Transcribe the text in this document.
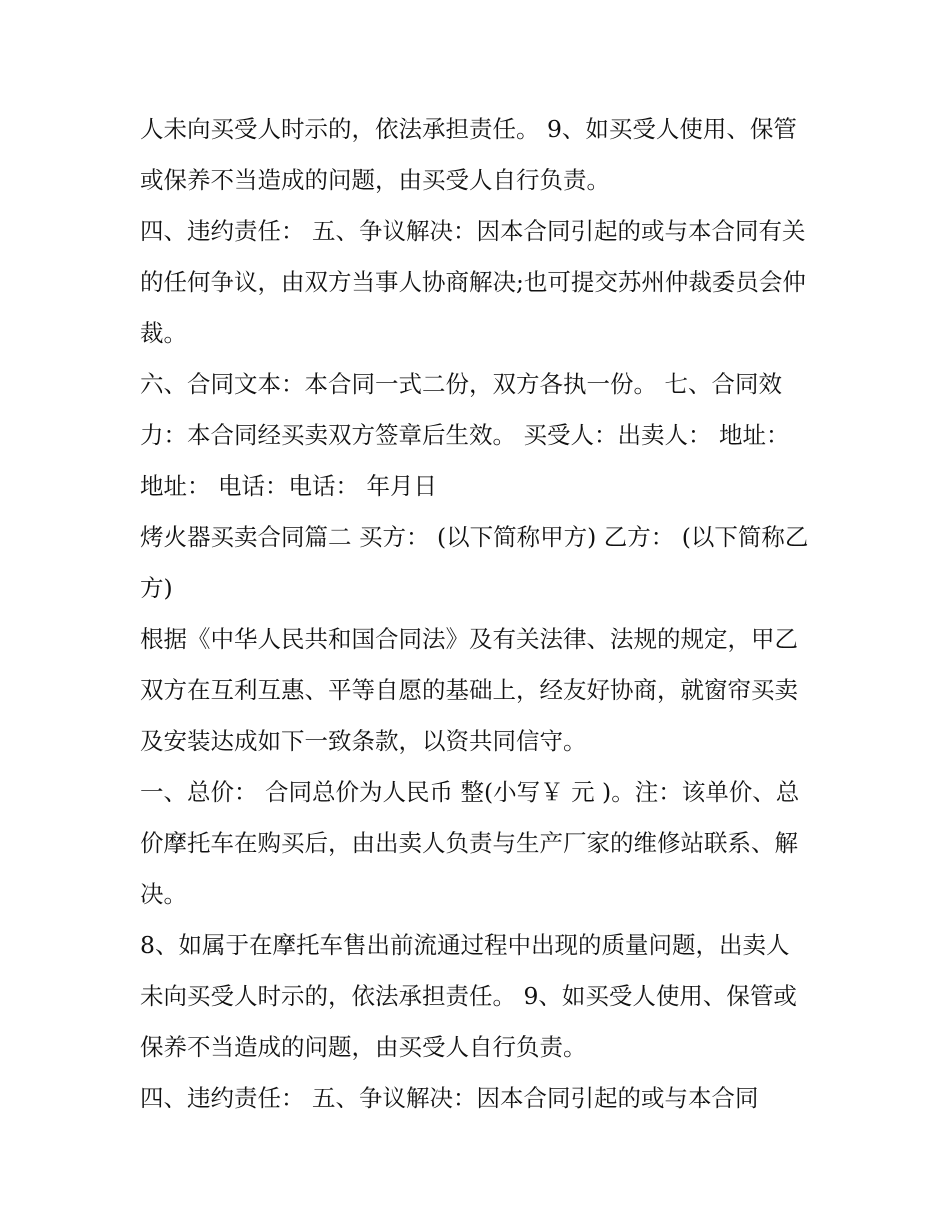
人未向买受人时示的，依法承担责任。 9、如买受人使用、保管或保养不当造成的问题，由买受人自行负责。

四、违约责任： 五、争议解决：因本合同引起的或与本合同有关的任何争议，由双方当事人协商解决;也可提交苏州仲裁委员会仲裁。

六、合同文本：本合同一式二份，双方各执一份。 七、合同效力：本合同经买卖双方签章后生效。 买受人：出卖人： 地址：地址： 电话：电话： 年月日

烤火器买卖合同篇二 买方： (以下简称甲方) 乙方： (以下简称乙方)

根据《中华人民共和国合同法》及有关法律、法规的规定，甲乙双方在互利互惠、平等自愿的基础上，经友好协商，就窗帘买卖及安装达成如下一致条款，以资共同信守。

一、总价： 合同总价为人民币 整(小写￥ 元 )。注：该单价、总价摩托车在购买后，由出卖人负责与生产厂家的维修站联系、解决。

8、如属于在摩托车售出前流通过程中出现的质量问题，出卖人未向买受人时示的，依法承担责任。 9、如买受人使用、保管或保养不当造成的问题，由买受人自行负责。

四、违约责任： 五、争议解决：因本合同引起的或与本合同
